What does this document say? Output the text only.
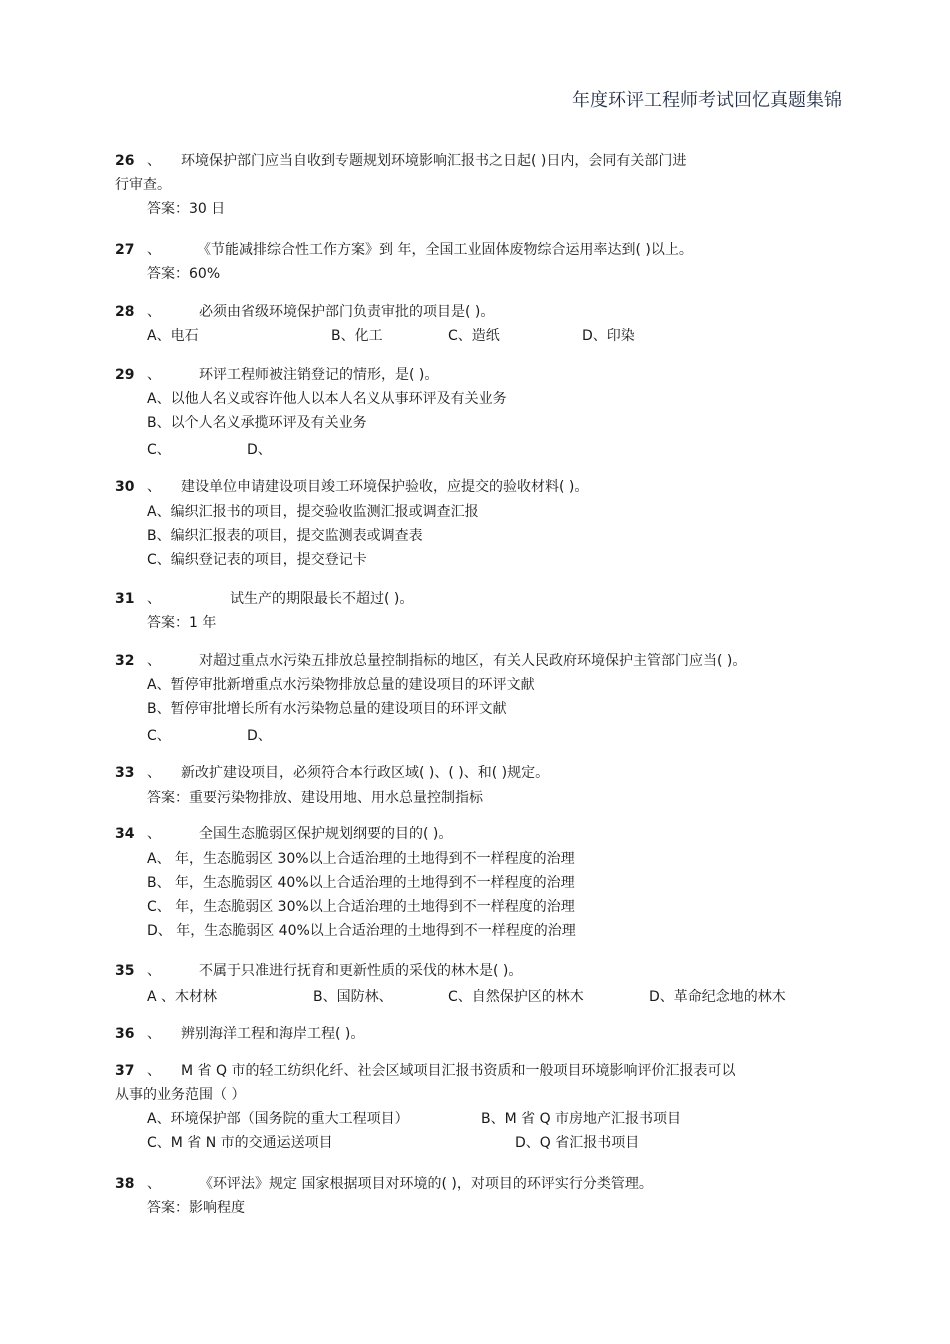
年度环评工程师考试回忆真题集锦
26 、 环境保护部门应当自收到专题规划环境影响汇报书之日起( )日内，会同有关部门进
行审查。
答案：30 日
27 、	《节能减排综合性工作方案》到 年，全国工业固体废物综合运用率达到( )以上。
答案：60%
28 、	必须由省级环境保护部门负责审批的项目是( )。
A、电石	B、化工	C、造纸	D、印染
29 、	环评工程师被注销登记的情形，是( )。
A、以他人名义或容许他人以本人名义从事环评及有关业务
B、以个人名义承揽环评及有关业务
C、	D、
30 、 建设单位申请建设项目竣工环境保护验收，应提交的验收材料( )。
A、编织汇报书的项目，提交验收监测汇报或调查汇报
B、编织汇报表的项目，提交监测表或调查表
C、编织登记表的项目，提交登记卡
31 、	试生产的期限最长不超过( )。
答案：1 年
32 、	对超过重点水污染五排放总量控制指标的地区，有关人民政府环境保护主管部门应当( )。
A、暂停审批新增重点水污染物排放总量的建设项目的环评文献
B、暂停审批增长所有水污染物总量的建设项目的环评文献
C、	D、
33 、 新改扩建设项目，必须符合本行政区域( )、( )、和( )规定。
答案：重要污染物排放、建设用地、用水总量控制指标
34 、	全国生态脆弱区保护规划纲要的目的( )。
A、 年，生态脆弱区 30%以上合适治理的土地得到不一样程度的治理
B、 年，生态脆弱区 40%以上合适治理的土地得到不一样程度的治理
C、 年，生态脆弱区 30%以上合适治理的土地得到不一样程度的治理
D、 年，生态脆弱区 40%以上合适治理的土地得到不一样程度的治理
35 、	不属于只准进行抚育和更新性质的采伐的林木是( )。
A 、木材林	B、国防林、	C、自然保护区的林木	D、革命纪念地的林木
36 、 辨别海洋工程和海岸工程( )。
37 、 M 省 Q 市的轻工纺织化纤、社会区域项目汇报书资质和一般项目环境影响评价汇报表可以
从事的业务范围（ ）
A、环境保护部（国务院的重大工程项目）	B、M 省 Q 市房地产汇报书项目
C、M 省 N 市的交通运送项目	D、Q 省汇报书项目
38 、	《环评法》规定 国家根据项目对环境的( )，对项目的环评实行分类管理。
答案：影响程度
